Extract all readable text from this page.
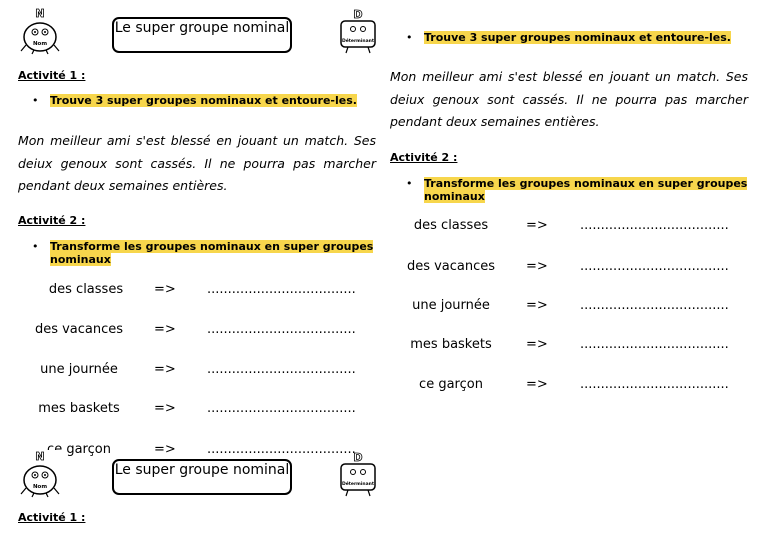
N
Nom
Le super groupe nominal
D
Déterminant
Activité 1 :
•	Trouve 3 super groupes nominaux et entoure-les.
Mon meilleur ami s'est blessé en jouant un match. Ses deiux genoux sont cassés. Il ne pourra pas marcher pendant deux semaines entières.
Activité 2 :
•	Transforme les groupes nominaux en super groupes
nominaux
des classes	=> ....................................
des vacances	=> ....................................
une journée	=> ....................................
mes baskets	=> ....................................
ce garçon	=> ....................................
N
Nom
Le super groupe nominal
D
Déterminant
Activité 1 :
•	Trouve 3 super groupes nominaux et entoure-les.
Mon meilleur ami s'est blessé en jouant un match. Ses deiux genoux sont cassés. Il ne pourra pas marcher pendant deux semaines entières.
Activité 2 :
•	Transforme les groupes nominaux en super groupes
nominaux
des classes	=> ....................................
des vacances	=> ....................................
une journée	=> ....................................
mes baskets	=> ....................................
ce garçon	=> ....................................
